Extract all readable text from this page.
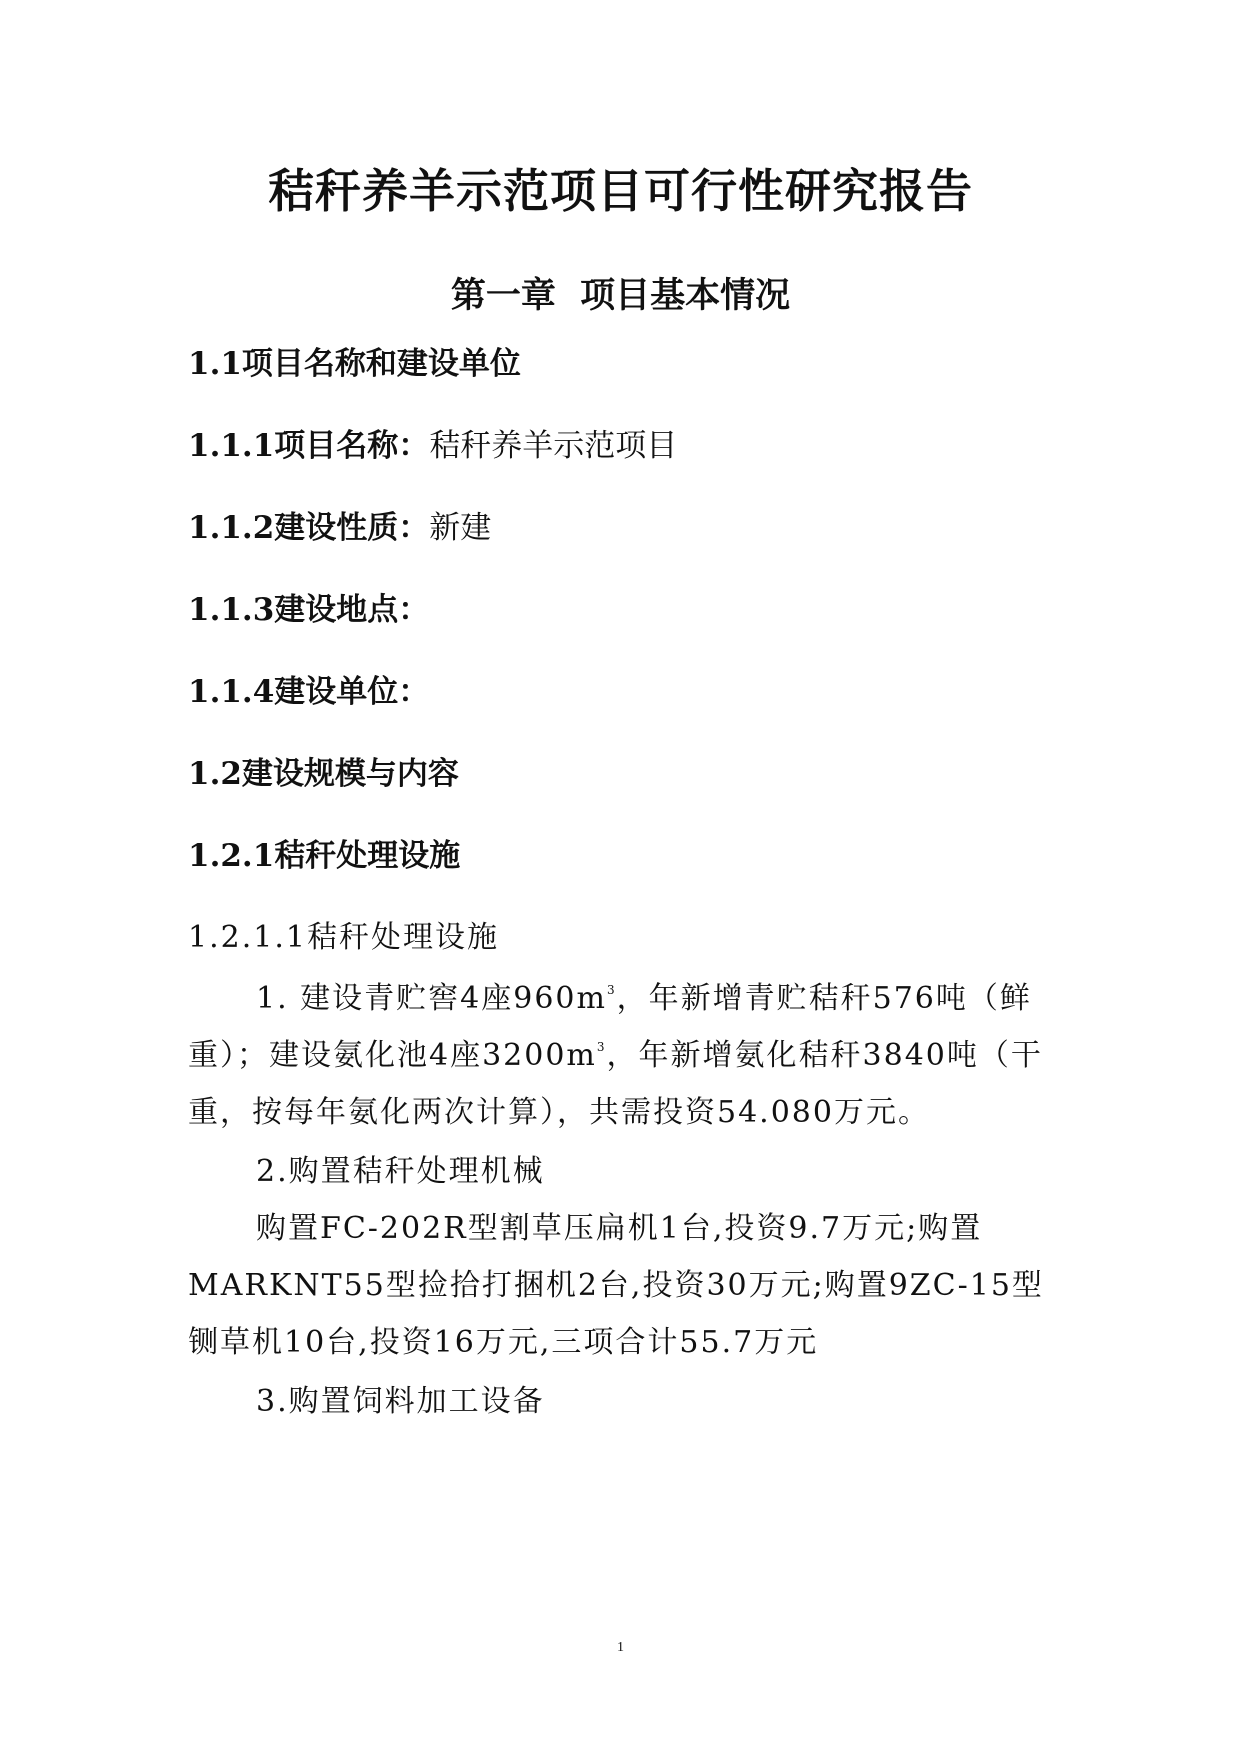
秸秆养羊示范项目可行性研究报告
第一章  项目基本情况

1.1项目名称和建设单位

1.1.1项目名称：秸秆养羊示范项目

1.1.2建设性质：新建

1.1.3建设地点：

1.1.4建设单位：

1.2建设规模与内容

1.2.1秸秆处理设施

1.2.1.1秸秆处理设施

1. 建设青贮窖4座$960m^3$，年新增青贮秸秆576吨（鲜

重）；建设氨化池4座$3200m^3$，年新增氨化秸秆3840吨（干

重，按每年氨化两次计算），共需投资54.080万元。

2.购置秸秆处理机械

购置FC-202R型割草压扁机1台,投资9.7万元;购置

MARKNT55型捡拾打捆机2台,投资30万元;购置9ZC-15型

铡草机10台,投资16万元,三项合计55.7万元

3.购置饲料加工设备

1
